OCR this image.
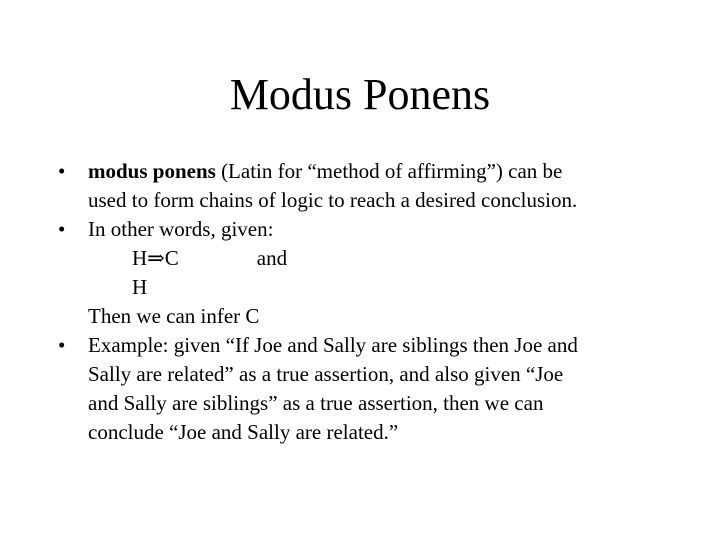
Modus Ponens
•	modus ponens (Latin for “method of affirming”) can be
used to form chains of logic to reach a desired conclusion.
•	In other words, given:
H⇒C	and
H
Then we can infer C
•	Example: given “If Joe and Sally are siblings then Joe and
Sally are related” as a true assertion, and also given “Joe
and Sally are siblings” as a true assertion, then we can
conclude “Joe and Sally are related.”
